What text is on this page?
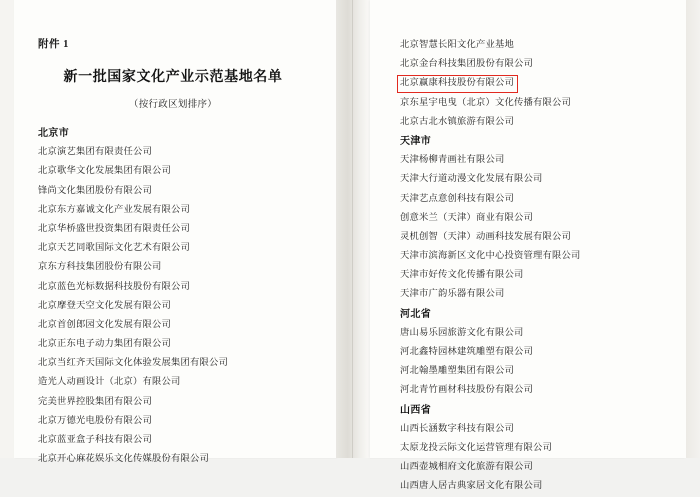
附件 1
新一批国家文化产业示范基地名单
（按行政区划排序）
北京市
北京演艺集团有限责任公司
北京歌华文化发展集团有限公司
锋尚文化集团股份有限公司
北京东方嘉诚文化产业发展有限公司
北京华桥盛世投资集团有限责任公司
北京天艺同歌国际文化艺术有限公司
京东方科技集团股份有限公司
北京蓝色光标数据科技股份有限公司
北京摩登天空文化发展有限公司
北京首创郎园文化发展有限公司
北京正东电子动力集团有限公司
北京当红齐天国际文化体验发展集团有限公司
造光人动画设计（北京）有限公司
完美世界控股集团有限公司
北京万德光电股份有限公司
北京蓝亚盒子科技有限公司
北京开心麻花娱乐文化传媒股份有限公司
北京智慧长阳文化产业基地
北京金台科技集团股份有限公司
北京赢康科技股份有限公司
京东星宇电曳（北京）文化传播有限公司
北京古北水镇旅游有限公司
天津市
天津杨柳青画社有限公司
天津大行道动漫文化发展有限公司
天津艺点意创科技有限公司
创意米兰（天津）商业有限公司
灵机创智（天津）动画科技发展有限公司
天津市滨海新区文化中心投资管理有限公司
天津市好传文化传播有限公司
天津市广韵乐器有限公司
河北省
唐山易乐园旅游文化有限公司
河北鑫特园林建筑雕塑有限公司
河北翰墨雕塑集团有限公司
河北青竹画材科技股份有限公司
山西省
山西长涵数字科技有限公司
太原龙投云际文化运营管理有限公司
山西壶城相府文化旅游有限公司
山西唐人居古典家居文化有限公司
